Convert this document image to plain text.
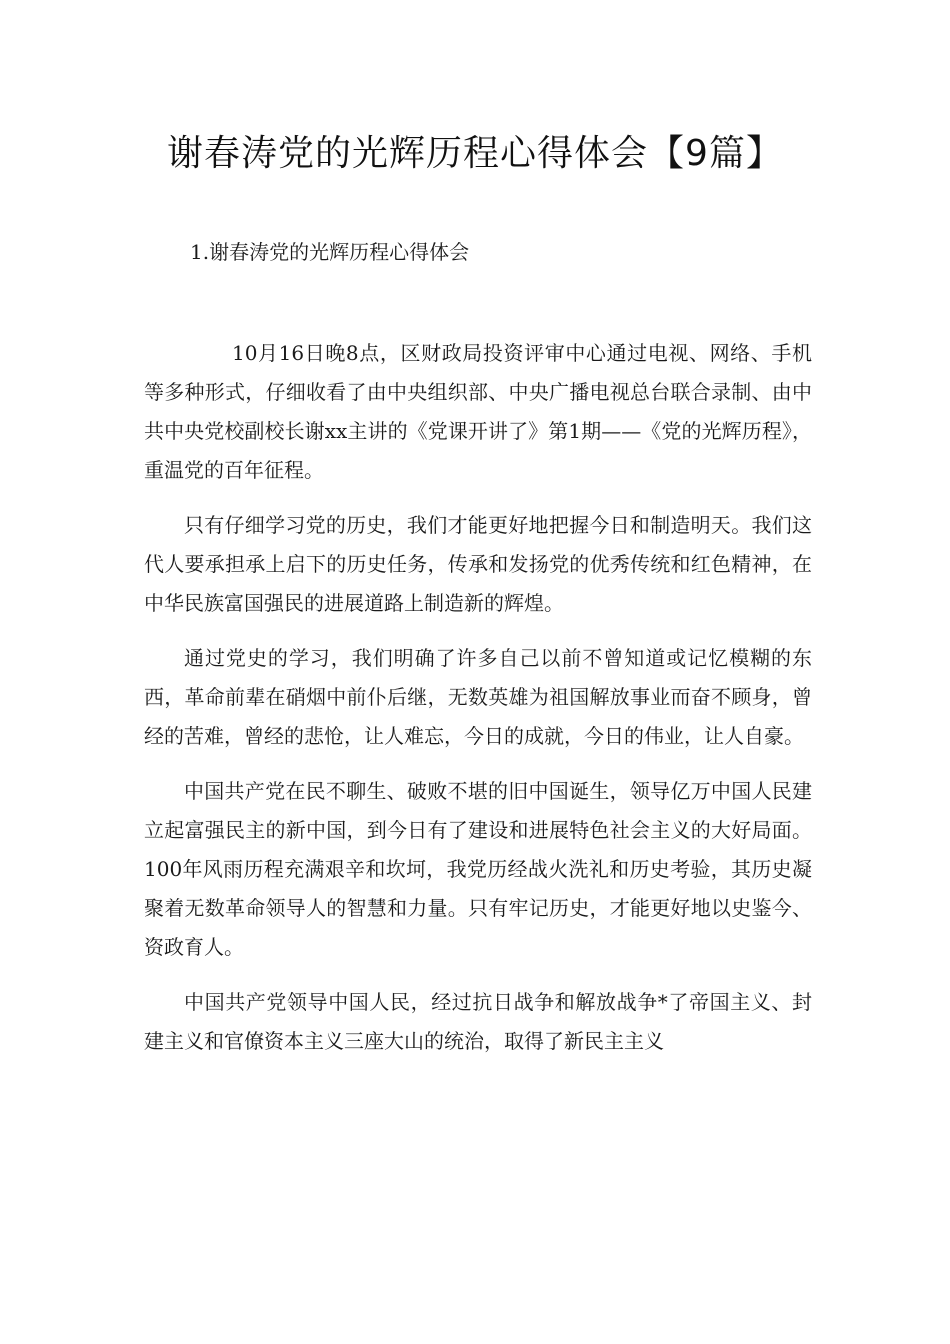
谢春涛党的光辉历程心得体会【9篇】
1.谢春涛党的光辉历程心得体会

10月16日晚8点，区财政局投资评审中心通过电视、网络、手机等多种形式，仔细收看了由中央组织部、中央广播电视总台联合录制、由中共中央党校副校长谢xx主讲的《党课开讲了》第1期——《党的光辉历程》，重温党的百年征程。

只有仔细学习党的历史，我们才能更好地把握今日和制造明天。我们这代人要承担承上启下的历史任务，传承和发扬党的优秀传统和红色精神，在中华民族富国强民的进展道路上制造新的辉煌。

通过党史的学习，我们明确了许多自己以前不曾知道或记忆模糊的东西，革命前辈在硝烟中前仆后继，无数英雄为祖国解放事业而奋不顾身，曾经的苦难，曾经的悲怆，让人难忘，今日的成就，今日的伟业，让人自豪。

中国共产党在民不聊生、破败不堪的旧中国诞生，领导亿万中国人民建立起富强民主的新中国，到今日有了建设和进展特色社会主义的大好局面。100年风雨历程充满艰辛和坎坷，我党历经战火洗礼和历史考验，其历史凝聚着无数革命领导人的智慧和力量。只有牢记历史，才能更好地以史鉴今、资政育人。

中国共产党领导中国人民，经过抗日战争和解放战争*了帝国主义、封建主义和官僚资本主义三座大山的统治，取得了新民主主义
